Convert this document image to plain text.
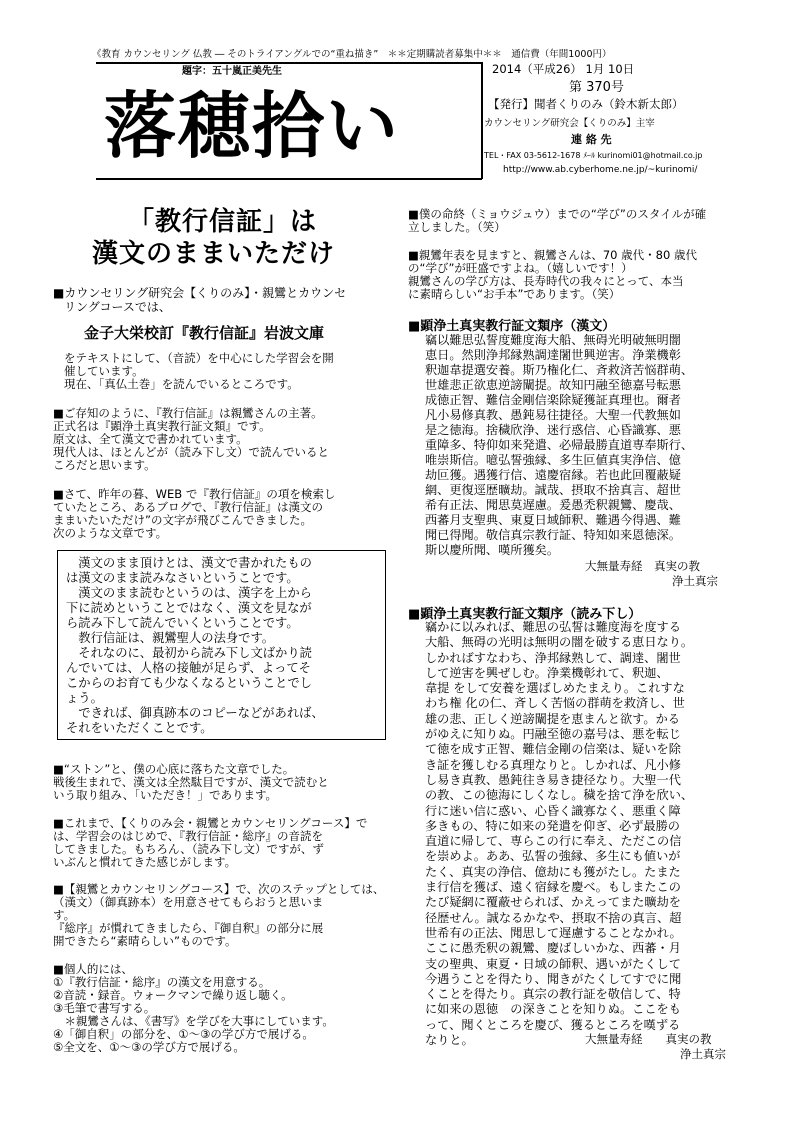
《教育 カウンセリング 仏教 ― そのトライアングルでの“重ね描き”　＊＊定期購読者募集中＊＊　通信費（年間1000円）
題字：五十嵐正美先生
落穂拾い
2014（平成26） 1月 10日
第 370号
【発行】聞者くりのみ（鈴木新太郎）
カウンセリング研究会【くりのみ】主宰
連 絡 先
TEL・FAX 03-5612-1678 ﾒｰﾙ kurinomi01@hotmail.co.jp
http://www.ab.cyberhome.ne.jp/~kurinomi/
「教行信証」は
漢文のままいただけ
■カウンセリング研究会【くりのみ】・親鸞とカウンセ
リングコースでは、
金子大栄校訂『教行信証』岩波文庫
をテキストにして、（音読）を中心にした学習会を開
催しています。
現在、「真仏土巻」を読んでいるところです。
■ご存知のように、『教行信証』は親鸞さんの主著。
正式名は『顕浄土真実教行証文類』です。
原文は、全て漢文で書かれています。
現代人は、ほとんどが（読み下し文）で読んでいると
ころだと思います。
■さて、昨年の暮、WEB で『教行信証』の項を検索し
ていたところ、あるブログで、『教行信証』は漢文の
ままいたいただけ”の文字が飛びこんできました。
次のような文章です。
　漢文のまま頂けとは、漢文で書かれたもの
は漢文のまま読みなさいということです。
　漢文のまま読むというのは、漢字を上から
下に読めということではなく、漢文を見なが
ら読み下して読んでいくということです。
　教行信証は、親鸞聖人の法身です。
　それなのに、最初から読み下し文ばかり読
んでいては、人格の接触が足らず、よってそ
こからのお育ても少なくなるということでし
ょう。
　できれば、御真跡本のコピーなどがあれば、
それをいただくことです。
■“ストン”と、僕の心底に落ちた文章でした。
戦後生まれで、漢文は全然駄目ですが、漢文で読むと
いう取り組み、「いただき！」であります。
■これまで、【くりのみ会・親鸞とカウンセリングコース】で
は、学習会のはじめで、『教行信証・総序』の音読を
してきました。もちろん、（読み下し文）ですが、ず
いぶんと慣れてきた感じがします。
■【親鸞とカウンセリングコース】で、次のステップとしては、
（漢文）（御真跡本）を用意させてもらおうと思いま
す。
『総序』が慣れてきましたら、『御自釈』の部分に展
開できたら“素晴らしい”ものです。
■個人的には、
①『教行信証・総序』の漢文を用意する。
②音読・録音。ウォークマンで繰り返し聴く。
③毛筆で書写する。
　＊親鸞さんは、《書写》を学びを大事にしています。
④「御自釈」の部分を、①～③の学び方で展げる。
⑤全文を、①～③の学び方で展げる。
■僕の命終（ミョウジュウ）までの“学び”のスタイルが確
立しました。（笑）
■親鸞年表を見ますと、親鸞さんは、70 歳代・80 歳代
の“学び”が旺盛ですよね。（嬉しいです！）
親鸞さんの学び方は、長寿時代の我々にとって、本当
に素晴らしい“お手本”であります。（笑）
■顕浄土真実教行証文類序（漢文）
竊以難思弘誓度難度海大船、無碍光明破無明闇
恵日。然則浄邦縁熟調達闍世興逆害。浄業機彰
釈迦韋提選安養。斯乃権化仁、斉救済苦悩群萌、
世雄悲正欲恵逆謗闡提。故知円融至徳嘉号転悪
成徳正智、難信金剛信楽除疑獲証真理也。爾者
凡小易修真教、愚鈍易往捷径。大聖一代教無如
是之徳海。捨穢欣浄、迷行惑信、心昏識寡、悪
重障多、特仰如来発遣、必帰最勝直道専奉斯行、
唯崇斯信。噫弘誓強縁、多生叵値真実浄信、億
劫叵獲。遇獲行信、遠慶宿縁。若也此回覆蔽疑
網、更復逕歴曠劫。誠哉、摂取不捨真言、超世
希有正法、聞思莫遅慮。爰愚禿釈親鸞、慶哉、
西蕃月支聖典、東夏日域師釈、難遇今得遇、難
聞已得聞。敬信真宗教行証、特知如来恩徳深。
斯以慶所聞、嘆所獲矣。
大無量寿経　真実の教
浄土真宗
■顕浄土真実教行証文類序（読み下し）
竊かに以みれば、難思の弘誓は難度海を度する
大船、無碍の光明は無明の闇を破する恵日なり。
しかればすなわち、浄邦縁熟して、調達、闍世
して逆害を興ぜしむ。浄業機彰れて、釈迦、
韋提 をして安養を選ばしめたまえり。これすな
わち権 化の仁、斉しく苦悩の群萌を救済し、世
雄の悲、正しく逆謗闡提を恵まんと欲す。かる
がゆえに知りぬ。円融至徳の嘉号は、悪を転じ
て徳を成す正智、難信金剛の信楽は、疑いを除
き証を獲しむる真理なりと。しかれば、凡小修
し易き真教、愚鈍往き易き捷径なり。大聖一代
の教、この徳海にしくなし。穢を捨て浄を欣い、
行に迷い信に惑い、心昏く識寡なく、悪重く障
多きもの、特に如来の発遣を仰ぎ、必ず最勝の
直道に帰して、専らこの行に奉え、ただこの信
を崇めよ。ああ、弘誓の強縁、多生にも値いが
たく、真実の浄信、億劫にも獲がたし。たまた
ま行信を獲ば、遠く宿縁を慶べ。もしまたこの
たび疑網に覆蔽せられば、かえってまた曠劫を
径歴せん。誠なるかなや、摂取不捨の真言、超
世希有の正法、聞思して遅慮することなかれ。
ここに愚禿釈の親鸞、慶ばしいかな、西蕃・月
支の聖典、東夏・日域の師釈、遇いがたくして
今遇うことを得たり、聞きがたくしてすでに聞
くことを得たり。真宗の教行証を敬信して、特
に如来の恩徳　の深きことを知りぬ。ここをも
って、聞くところを慶び、獲るところを嘆ずる
なりと。	大無量寿経　　真実の教
浄土真宗
